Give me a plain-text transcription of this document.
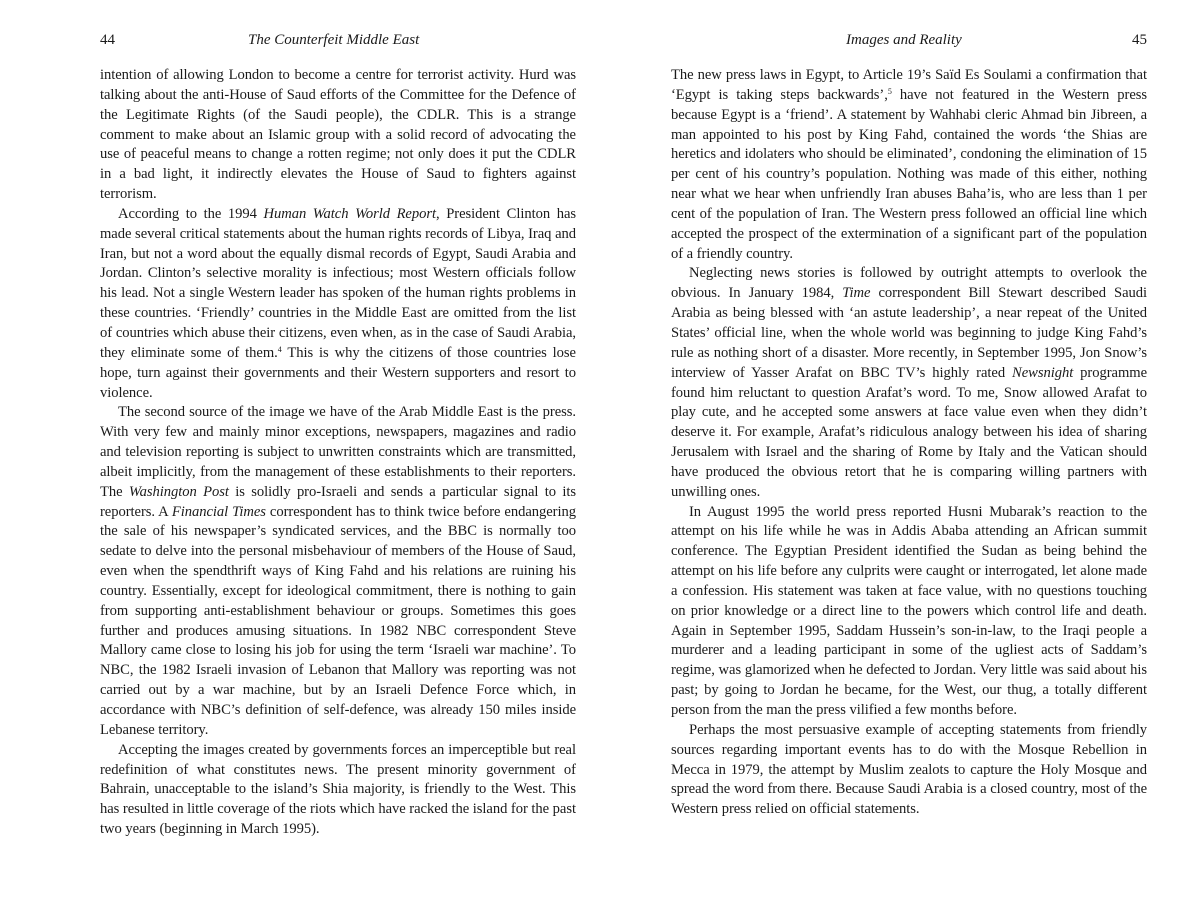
44	The Counterfeit Middle East

intention of allowing London to become a centre for terrorist activity. Hurd was talking about the anti-House of Saud efforts of the Committee for the Defence of the Legitimate Rights (of the Saudi people), the CDLR. This is a strange comment to make about an Islamic group with a solid record of advocating the use of peaceful means to change a rotten regime; not only does it put the CDLR in a bad light, it indirectly elevates the House of Saud to fighters against terrorism.

According to the 1994 Human Watch World Report, President Clinton has made several critical statements about the human rights records of Libya, Iraq and Iran, but not a word about the equally dismal records of Egypt, Saudi Arabia and Jordan. Clinton’s selective morality is infectious; most Western officials follow his lead. Not a single Western leader has spoken of the human rights problems in these countries. ‘Friendly’ countries in the Middle East are omitted from the list of countries which abuse their citizens, even when, as in the case of Saudi Arabia, they eliminate some of them.$^4$ This is why the citizens of those countries lose hope, turn against their governments and their Western supporters and resort to violence.

The second source of the image we have of the Arab Middle East is the press. With very few and mainly minor exceptions, newspapers, magazines and radio and television reporting is subject to unwritten constraints which are transmitted, albeit implicitly, from the management of these establishments to their reporters. The Washington Post is solidly pro-Israeli and sends a particular signal to its reporters. A Financial Times correspondent has to think twice before endangering the sale of his newspaper’s syndicated services, and the BBC is normally too sedate to delve into the personal misbehaviour of members of the House of Saud, even when the spendthrift ways of King Fahd and his relations are ruining his country. Essentially, except for ideological commitment, there is nothing to gain from supporting anti-establishment behaviour or groups. Sometimes this goes further and produces amusing situations. In 1982 NBC correspondent Steve Mallory came close to losing his job for using the term ‘Israeli war machine’. To NBC, the 1982 Israeli invasion of Lebanon that Mallory was reporting was not carried out by a war machine, but by an Israeli Defence Force which, in accordance with NBC’s definition of self-defence, was already 150 miles inside Lebanese territory.

Accepting the images created by governments forces an imperceptible but real redefinition of what constitutes news. The present minority government of Bahrain, unacceptable to the island’s Shia majority, is friendly to the West. This has resulted in little coverage of the riots which have racked the island for the past two years (beginning in March 1995).

Images and Reality	45

The new press laws in Egypt, to Article 19’s Saïd Es Soulami a confirmation that ‘Egypt is taking steps backwards’,$^5$ have not featured in the Western press because Egypt is a ‘friend’. A statement by Wahhabi cleric Ahmad bin Jibreen, a man appointed to his post by King Fahd, contained the words ‘the Shias are heretics and idolaters who should be eliminated’, condoning the elimination of 15 per cent of his country’s population. Nothing was made of this either, nothing near what we hear when unfriendly Iran abuses Baha’is, who are less than 1 per cent of the population of Iran. The Western press followed an official line which accepted the prospect of the extermination of a significant part of the population of a friendly country.

Neglecting news stories is followed by outright attempts to overlook the obvious. In January 1984, Time correspondent Bill Stewart described Saudi Arabia as being blessed with ‘an astute leadership’, a near repeat of the United States’ official line, when the whole world was beginning to judge King Fahd’s rule as nothing short of a disaster. More recently, in September 1995, Jon Snow’s interview of Yasser Arafat on BBC TV’s highly rated Newsnight programme found him reluctant to question Arafat’s word. To me, Snow allowed Arafat to play cute, and he accepted some answers at face value even when they didn’t deserve it. For example, Arafat’s ridiculous analogy between his idea of sharing Jerusalem with Israel and the sharing of Rome by Italy and the Vatican should have produced the obvious retort that he is comparing willing partners with unwilling ones.

In August 1995 the world press reported Husni Mubarak’s reaction to the attempt on his life while he was in Addis Ababa attending an African summit conference. The Egyptian President identified the Sudan as being behind the attempt on his life before any culprits were caught or interrogated, let alone made a confession. His statement was taken at face value, with no questions touching on prior knowledge or a direct line to the powers which control life and death. Again in September 1995, Saddam Hussein’s son-in-law, to the Iraqi people a murderer and a leading participant in some of the ugliest acts of Saddam’s regime, was glamorized when he defected to Jordan. Very little was said about his past; by going to Jordan he became, for the West, our thug, a totally different person from the man the press vilified a few months before.

Perhaps the most persuasive example of accepting statements from friendly sources regarding important events has to do with the Mosque Rebellion in Mecca in 1979, the attempt by Muslim zealots to capture the Holy Mosque and spread the word from there. Because Saudi Arabia is a closed country, most of the Western press relied on official statements.
